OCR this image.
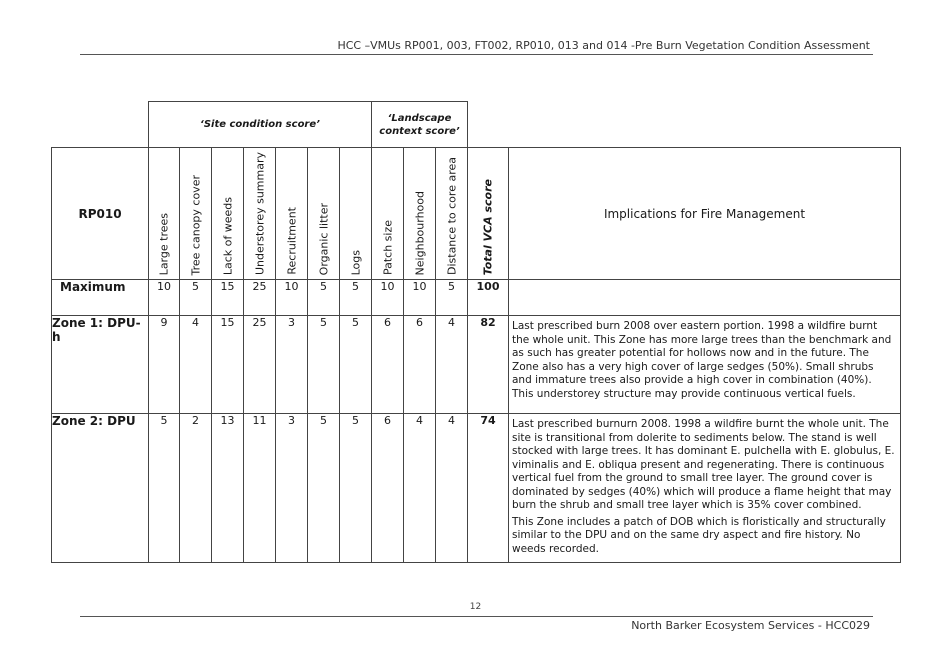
HCC –VMUs RP001, 003, FT002, RP010, 013 and 014 -Pre Burn Vegetation Condition Assessment
	‘Site condition score’							‘Landscape context score’				
RP010	Large trees	Tree canopy cover	Lack of weeds	Understorey summary	Recruitment	Organic litter	Logs	Patch size	Neighbourhood	Distance to core area	Total VCA score	Implications for Fire Management
Maximum	10	5	15	25	10	5	5	10	10	5	100	
Zone 1: DPU-h	9	4	15	25	3	5	5	6	6	4	82	Last prescribed burn 2008 over eastern portion. 1998 a wildfire burnt the whole unit. This Zone has more large trees than the benchmark and as such has greater potential for hollows now and in the future. The Zone also has a very high cover of large sedges (50%). Small shrubs and immature trees also provide a high cover in combination (40%). This understorey structure may provide continuous vertical fuels.

Zone 2: DPU	5	2	13	11	3	5	5	6	4	4	74	Last prescribed burnurn 2008. 1998 a wildfire burnt the whole unit. The site is transitional from dolerite to sediments below. The stand is well stocked with large trees. It has dominant E. pulchella with E. globulus, E. viminalis and E. obliqua present and regenerating. There is continuous vertical fuel from the ground to small tree layer. The ground cover is dominated by sedges (40%) which will produce a flame height that may burn the shrub and small tree layer which is 35% cover combined.

This Zone includes a patch of DOB which is floristically and structurally similar to the DPU and on the same dry aspect and fire history. No weeds recorded.

12
North Barker Ecosystem Services - HCC029
